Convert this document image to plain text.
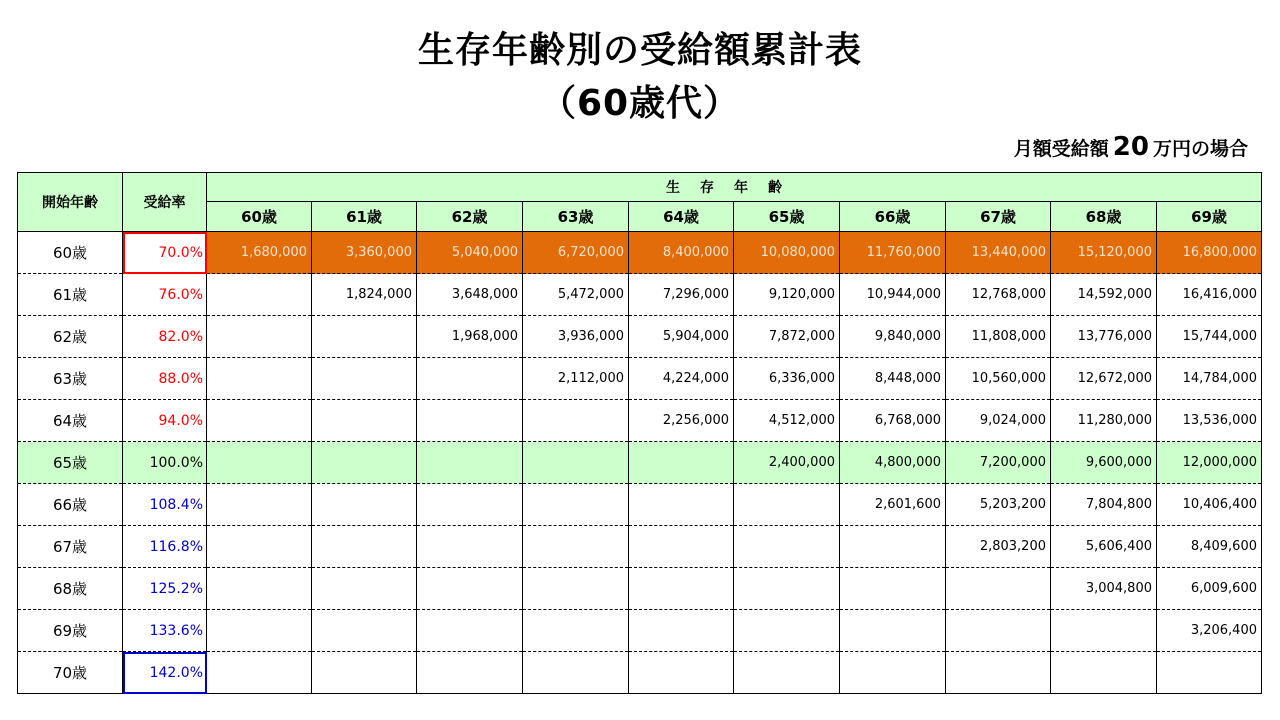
生存年齢別の受給額累計表
（60歳代）
月額受給額 20 万円の場合
開始年齢	受給率	生存年齢									
		60歳	61歳	62歳	63歳	64歳	65歳	66歳	67歳	68歳	69歳
60歳	70.0%	1,680,000	3,360,000	5,040,000	6,720,000	8,400,000	10,080,000	11,760,000	13,440,000	15,120,000	16,800,000
61歳	76.0%		1,824,000	3,648,000	5,472,000	7,296,000	9,120,000	10,944,000	12,768,000	14,592,000	16,416,000
62歳	82.0%			1,968,000	3,936,000	5,904,000	7,872,000	9,840,000	11,808,000	13,776,000	15,744,000
63歳	88.0%				2,112,000	4,224,000	6,336,000	8,448,000	10,560,000	12,672,000	14,784,000
64歳	94.0%					2,256,000	4,512,000	6,768,000	9,024,000	11,280,000	13,536,000
65歳	100.0%						2,400,000	4,800,000	7,200,000	9,600,000	12,000,000
66歳	108.4%							2,601,600	5,203,200	7,804,800	10,406,400
67歳	116.8%								2,803,200	5,606,400	8,409,600
68歳	125.2%									3,004,800	6,009,600
69歳	133.6%										3,206,400
70歳	142.0%										
